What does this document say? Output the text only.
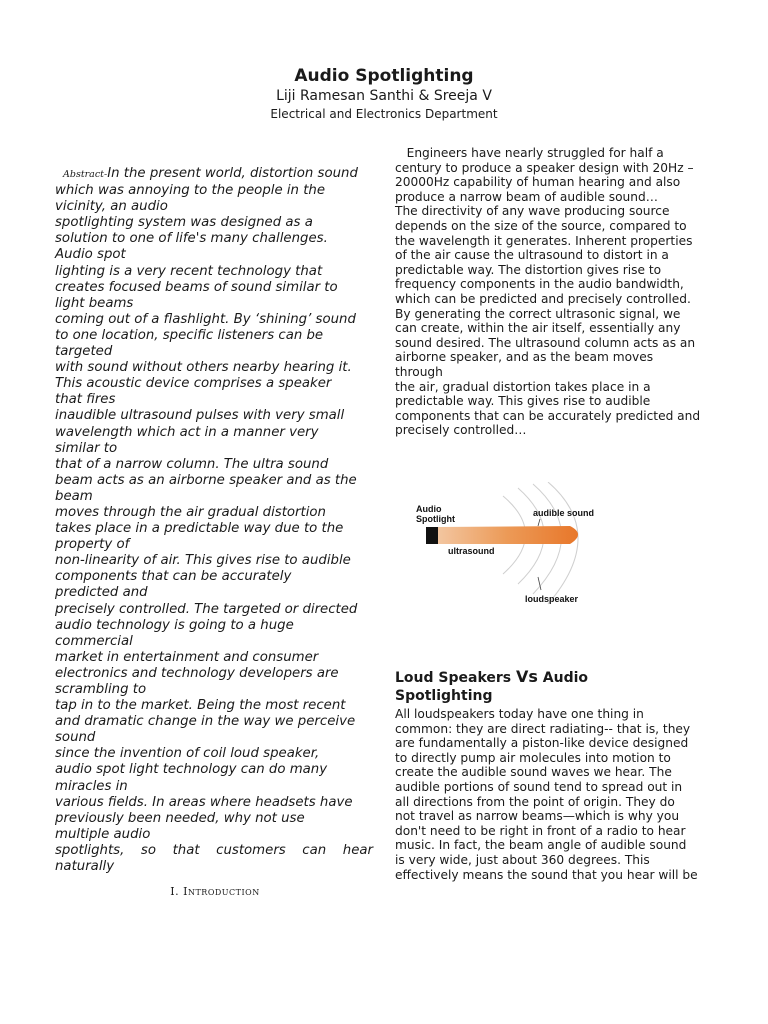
Audio Spotlighting
Liji Ramesan Santhi & Sreeja V
Electrical and Electronics Department
Abstract-In the present world, distortion sound
which was annoying to the people in the
vicinity, an audio
spotlighting system was designed as a
solution to one of life's many challenges.
Audio spot
lighting is a very recent technology that
creates focused beams of sound similar to
light beams
coming out of a flashlight. By ‘shining’ sound
to one location, specific listeners can be
targeted
with sound without others nearby hearing it.
This acoustic device comprises a speaker
that fires
inaudible ultrasound pulses with very small
wavelength which act in a manner very
similar to
that of a narrow column. The ultra sound
beam acts as an airborne speaker and as the
beam
moves through the air gradual distortion
takes place in a predictable way due to the
property of
non-linearity of air. This gives rise to audible
components that can be accurately
predicted and
precisely controlled. The targeted or directed
audio technology is going to a huge
commercial
market in entertainment and consumer
electronics and technology developers are
scrambling to
tap in to the market. Being the most recent
and dramatic change in the way we perceive
sound
since the invention of coil loud speaker,
audio spot light technology can do many
miracles in
various fields. In areas where headsets have
previously been needed, why not use
multiple audio
spotlights, so that customers can hear
naturally
I. Introduction
Engineers have nearly struggled for half a
century to produce a speaker design with 20Hz –
20000Hz capability of human hearing and also
produce a narrow beam of audible sound…
The directivity of any wave producing source
depends on the size of the source, compared to
the wavelength it generates. Inherent properties
of the air cause the ultrasound to distort in a
predictable way. The distortion gives rise to
frequency components in the audio bandwidth,
which can be predicted and precisely controlled.
By generating the correct ultrasonic signal, we
can create, within the air itself, essentially any
sound desired. The ultrasound column acts as an
airborne speaker, and as the beam moves
through
the air, gradual distortion takes place in a
predictable way. This gives rise to audible
components that can be accurately predicted and
precisely controlled…
Audio
Spotlight
audible sound
ultrasound
loudspeaker
Loud Speakers Vs Audio
Spotlighting
All loudspeakers today have one thing in
common: they are direct radiating-- that is, they
are fundamentally a piston-like device designed
to directly pump air molecules into motion to
create the audible sound waves we hear. The
audible portions of sound tend to spread out in
all directions from the point of origin. They do
not travel as narrow beams—which is why you
don't need to be right in front of a radio to hear
music. In fact, the beam angle of audible sound
is very wide, just about 360 degrees. This
effectively means the sound that you hear will be
